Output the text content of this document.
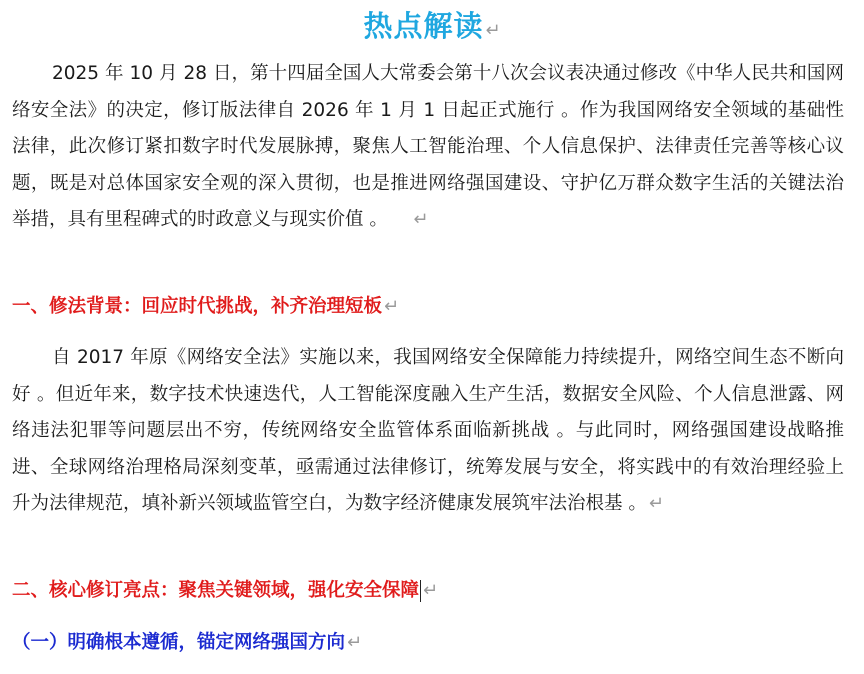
热点解读 ↵

2025 年 10 月 28 日，第十四届全国人大常委会第十八次会议表决通过修改《中华人民共和国网络安全法》的决定，修订版法律自 2026 年 1 月 1 日起正式施行 。作为我国网络安全领域的基础性法律，此次修订紧扣数字时代发展脉搏，聚焦人工智能治理、个人信息保护、法律责任完善等核心议题，既是对总体国家安全观的深入贯彻，也是推进网络强国建设、守护亿万群众数字生活的关键法治举措，具有里程碑式的时政意义与现实价值 。 ↵

一、修法背景：回应时代挑战，补齐治理短板 ↵

自 2017 年原《网络安全法》实施以来，我国网络安全保障能力持续提升，网络空间生态不断向好 。但近年来，数字技术快速迭代，人工智能深度融入生产生活，数据安全风险、个人信息泄露、网络违法犯罪等问题层出不穷，传统网络安全监管体系面临新挑战 。与此同时，网络强国建设战略推进、全球网络治理格局深刻变革，亟需通过法律修订，统筹发展与安全，将实践中的有效治理经验上升为法律规范，填补新兴领域监管空白，为数字经济健康发展筑牢法治根基 。 ↵

二、核心修订亮点：聚焦关键领域，强化安全保障 ↵

（一）明确根本遵循，锚定网络强国方向 ↵
